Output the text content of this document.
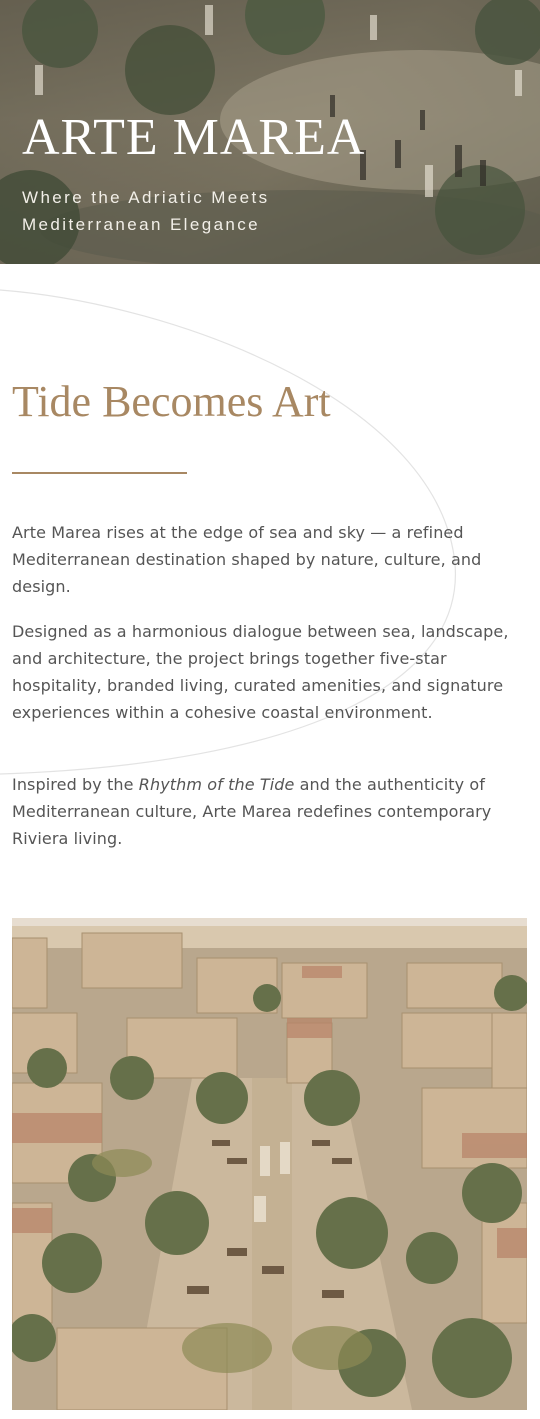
ARTE MAREA

Where the Adriatic Meets Mediterranean Elegance

Tide Becomes Art

Arte Marea rises at the edge of sea and sky — a refined Mediterranean destination shaped by nature, culture, and design.

Designed as a harmonious dialogue between sea, landscape, and architecture, the project brings together five-star hospitality, branded living, curated amenities, and signature experiences within a cohesive coastal environment.

Inspired by the Rhythm of the Tide and the authenticity of Mediterranean culture, Arte Marea redefines contemporary Riviera living.
